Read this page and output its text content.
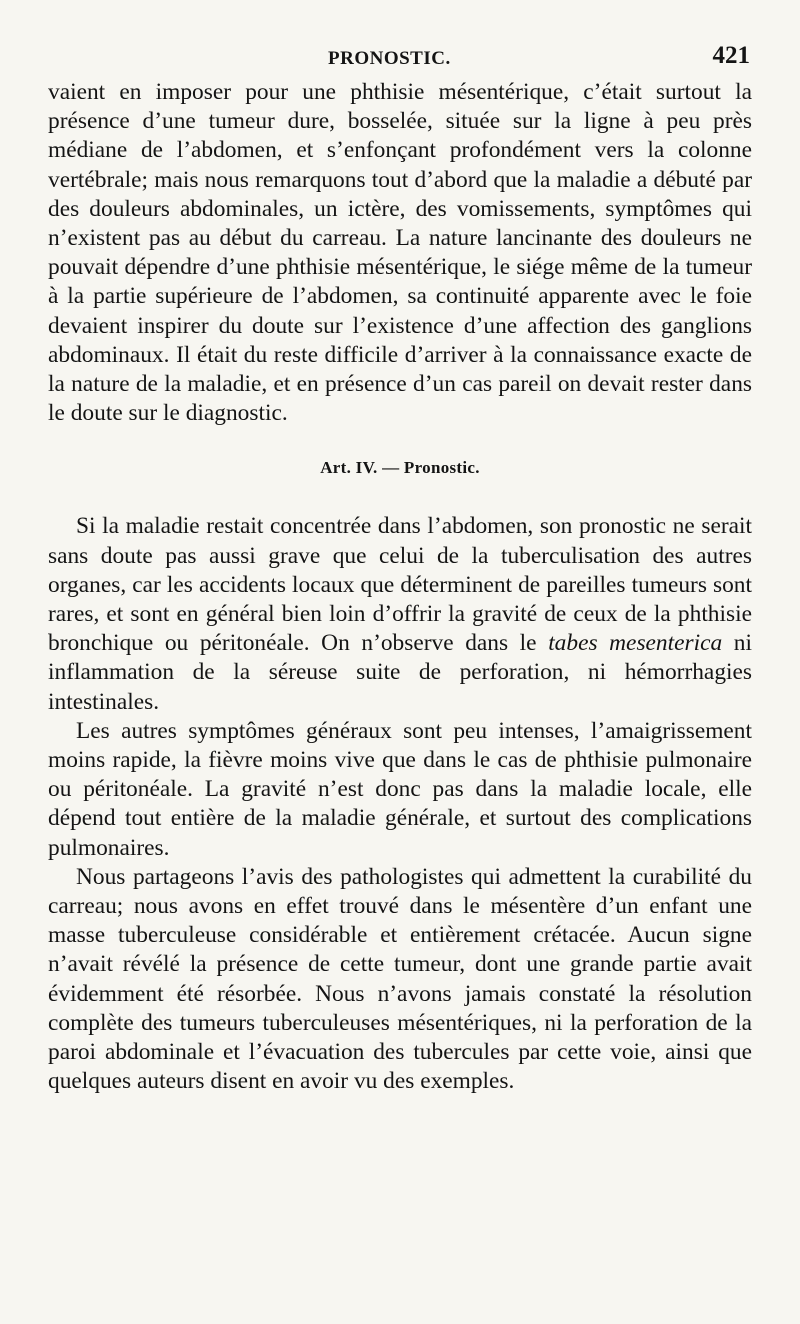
PRONOSTIC.	421

vaient en imposer pour une phthisie mésentérique, c’était surtout la présence d’une tumeur dure, bosselée, située sur la ligne à peu près médiane de l’abdomen, et s’enfonçant profondément vers la colonne vertébrale; mais nous remarquons tout d’abord que la maladie a débuté par des douleurs abdominales, un ictère, des vomissements, symptômes qui n’existent pas au début du carreau. La nature lancinante des douleurs ne pouvait dépendre d’une phthisie mésentérique, le siége même de la tumeur à la partie supérieure de l’abdomen, sa continuité apparente avec le foie devaient inspirer du doute sur l’existence d’une affection des ganglions abdominaux. Il était du reste difficile d’arriver à la connaissance exacte de la nature de la maladie, et en présence d’un cas pareil on devait rester dans le doute sur le diagnostic.

Art. IV. — Pronostic.

Si la maladie restait concentrée dans l’abdomen, son pronostic ne serait sans doute pas aussi grave que celui de la tuberculisation des autres organes, car les accidents locaux que déterminent de pareilles tumeurs sont rares, et sont en général bien loin d’offrir la gravité de ceux de la phthisie bronchique ou péritonéale. On n’observe dans le tabes mesenterica ni inflammation de la séreuse suite de perforation, ni hémorrhagies intestinales.

Les autres symptômes généraux sont peu intenses, l’amaigrissement moins rapide, la fièvre moins vive que dans le cas de phthisie pulmonaire ou péritonéale. La gravité n’est donc pas dans la maladie locale, elle dépend tout entière de la maladie générale, et surtout des complications pulmonaires.

Nous partageons l’avis des pathologistes qui admettent la curabilité du carreau; nous avons en effet trouvé dans le mésentère d’un enfant une masse tuberculeuse considérable et entièrement crétacée. Aucun signe n’avait révélé la présence de cette tumeur, dont une grande partie avait évidemment été résorbée. Nous n’avons jamais constaté la résolution complète des tumeurs tuberculeuses mésentériques, ni la perforation de la paroi abdominale et l’évacuation des tubercules par cette voie, ainsi que quelques auteurs disent en avoir vu des exemples.
